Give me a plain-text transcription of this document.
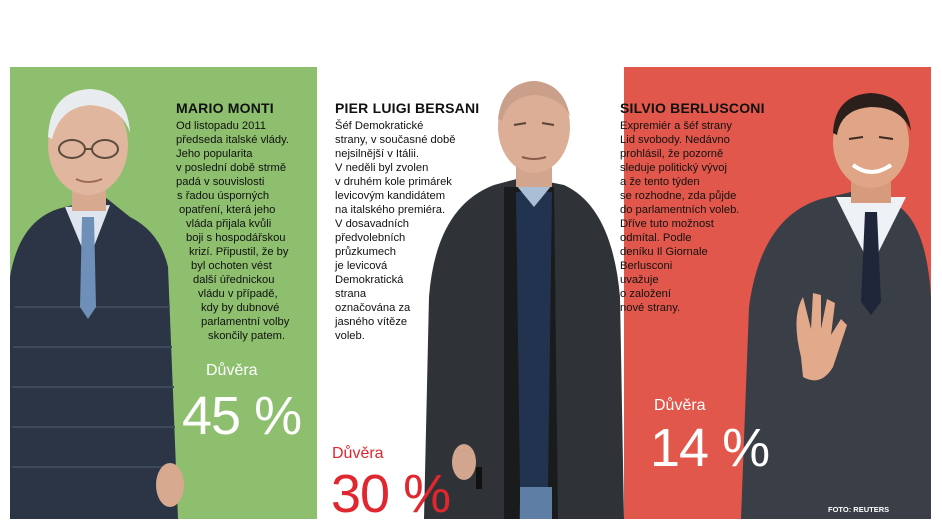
MARIO MONTI
Od listopadu 2011
předseda italské vlády.
Jeho popularita
v poslední době strmě
padá v souvislosti
s řadou úsporných
opatření, která jeho
vláda přijala kvůli
boji s hospodářskou
krizí. Připustil, že by
byl ochoten vést
další úřednickou
vládu v případě,
kdy by dubnové
parlamentní volby
skončily patem.
Důvěra
45 %
PIER LUIGI BERSANI
Šéf Demokratické
strany, v současné době
nejsilnější v Itálii.
V neděli byl zvolen
v druhém kole primárek
levicovým kandidátem
na italského premiéra.
V dosavadních
předvolebních
průzkumech
je levicová
Demokratická
strana
označována za
jasného vítěze
voleb.
Důvěra
30 %
SILVIO BERLUSCONI
Expremiér a šéf strany
Lid svobody. Nedávno
prohlásil, že pozorně
sleduje politický vývoj
a že tento týden
se rozhodne, zda půjde
do parlamentních voleb.
Dříve tuto možnost
odmítal. Podle
deníku Il Giornale
Berlusconi
uvažuje
o založení
nové strany.
Důvěra
14 %
FOTO: REUTERS
